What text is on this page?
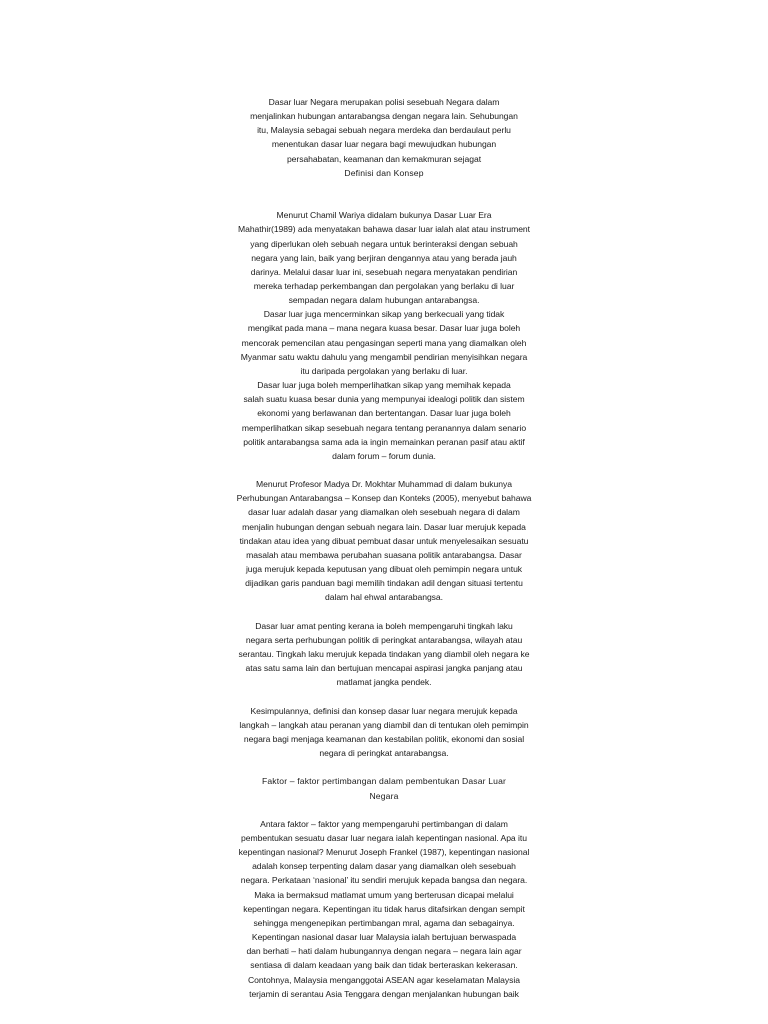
Dasar luar Negara merupakan polisi sesebuah Negara dalam
menjalinkan hubungan antarabangsa dengan negara lain. Sehubungan
itu, Malaysia sebagai sebuah negara merdeka dan berdaulaut perlu
menentukan dasar luar negara bagi mewujudkan hubungan
persahabatan, keamanan dan kemakmuran sejagat
Definisi dan Konsep
Menurut Chamil Wariya didalam bukunya Dasar Luar Era
Mahathir(1989) ada menyatakan bahawa dasar luar ialah alat atau instrument
yang diperlukan oleh sebuah negara untuk berinteraksi dengan sebuah
negara yang lain, baik yang berjiran dengannya atau yang berada jauh
darinya. Melalui dasar luar ini, sesebuah negara menyatakan pendirian
mereka terhadap perkembangan dan pergolakan yang berlaku di luar
sempadan negara dalam hubungan antarabangsa.
Dasar luar juga mencerminkan sikap yang berkecuali yang tidak
mengikat pada mana – mana negara kuasa besar. Dasar luar juga boleh
mencorak pemencilan atau pengasingan seperti mana yang diamalkan oleh
Myanmar satu waktu dahulu yang mengambil pendirian menyisihkan negara
itu daripada pergolakan yang berlaku di luar.
Dasar luar juga boleh memperlihatkan sikap yang memihak kepada
salah suatu kuasa besar dunia yang mempunyai idealogi politik dan sistem
ekonomi yang berlawanan dan bertentangan. Dasar luar juga boleh
memperlihatkan sikap sesebuah negara tentang peranannya dalam senario
politik antarabangsa sama ada ia ingin memainkan peranan pasif atau aktif
dalam forum – forum dunia.
Menurut Profesor Madya Dr. Mokhtar Muhammad di dalam bukunya
Perhubungan Antarabangsa – Konsep dan Konteks (2005), menyebut bahawa
dasar luar adalah dasar yang diamalkan oleh sesebuah negara di dalam
menjalin hubungan dengan sebuah negara lain. Dasar luar merujuk kepada
tindakan atau idea yang dibuat pembuat dasar untuk menyelesaikan sesuatu
masalah atau membawa perubahan suasana politik antarabangsa. Dasar
juga merujuk kepada keputusan yang dibuat oleh pemimpin negara untuk
dijadikan garis panduan bagi memilih tindakan adil dengan situasi tertentu
dalam hal ehwal antarabangsa.
Dasar luar amat penting kerana ia boleh mempengaruhi tingkah laku
negara serta perhubungan politik di peringkat antarabangsa, wilayah atau
serantau. Tingkah laku merujuk kepada tindakan yang diambil oleh negara ke
atas satu sama lain dan bertujuan mencapai aspirasi jangka panjang atau
matlamat jangka pendek.
Kesimpulannya, definisi dan konsep dasar luar negara merujuk kepada
langkah – langkah atau peranan yang diambil dan di tentukan oleh pemimpin
negara bagi menjaga keamanan dan kestabilan politik, ekonomi dan sosial
negara di peringkat antarabangsa.
Faktor – faktor pertimbangan dalam pembentukan Dasar Luar
Negara
Antara faktor – faktor yang mempengaruhi pertimbangan di dalam
pembentukan sesuatu dasar luar negara ialah kepentingan nasional. Apa itu
kepentingan nasional? Menurut Joseph Frankel (1987), kepentingan nasional
adalah konsep terpenting dalam dasar yang diamalkan oleh sesebuah
negara. Perkataan ‘nasional’ itu sendiri merujuk kepada bangsa dan negara.
Maka ia bermaksud matlamat umum yang berterusan dicapai melalui
kepentingan negara. Kepentingan itu tidak harus ditafsirkan dengan sempit
sehingga mengenepikan pertimbangan mral, agama dan sebagainya.
Kepentingan nasional dasar luar Malaysia ialah bertujuan berwaspada
dan berhati – hati dalam hubungannya dengan negara – negara lain agar
sentiasa di dalam keadaan yang baik dan tidak berteraskan kekerasan.
Contohnya, Malaysia menganggotai ASEAN agar keselamatan Malaysia
terjamin di serantau Asia Tenggara dengan menjalankan hubungan baik
